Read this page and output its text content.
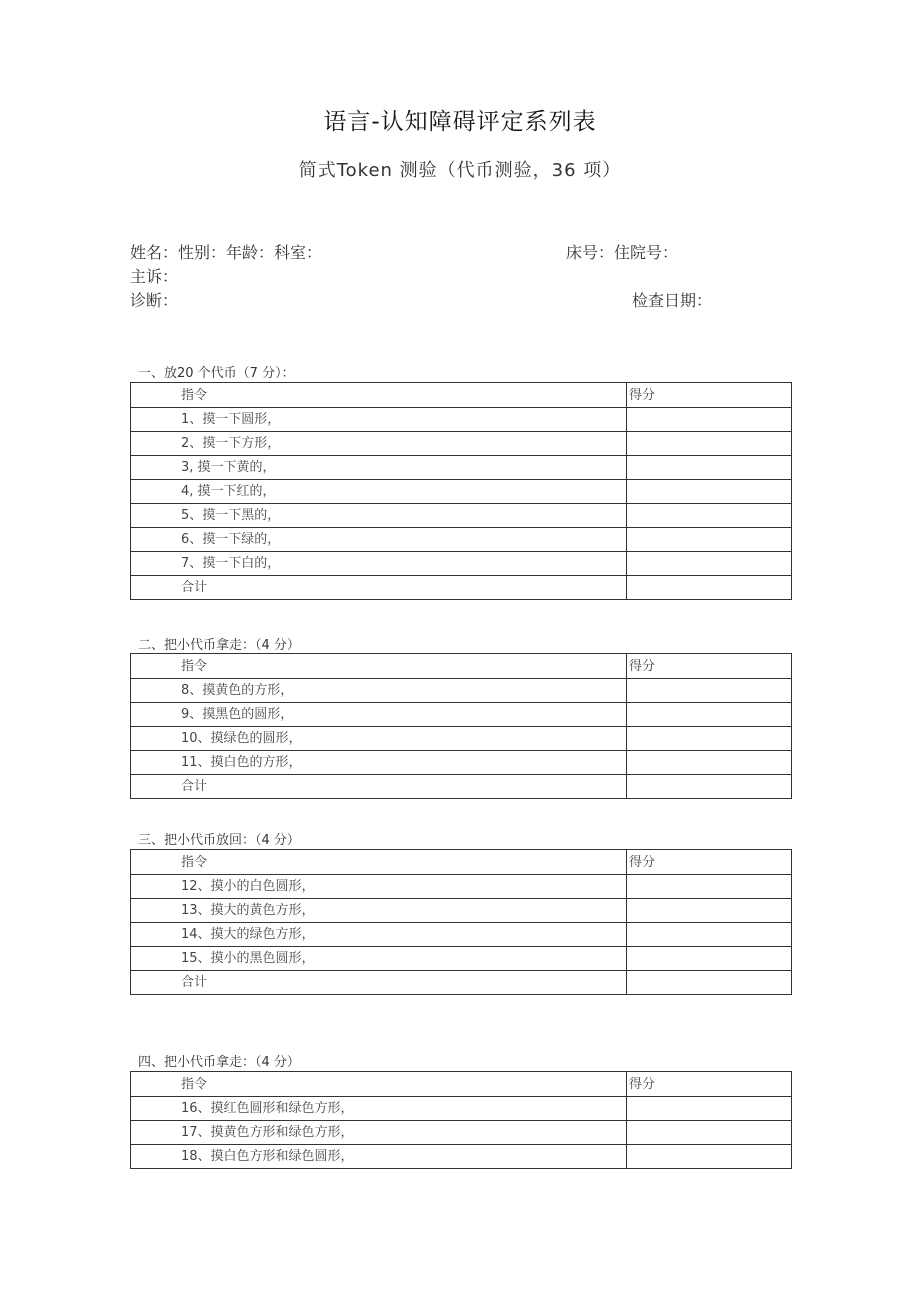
语言-认知障碍评定系列表
简式Token 测验（代币测验，36 项）
姓名：性别：年龄：科室：	床号：住院号：
主诉：
诊断：	检查日期：
一、放20 个代币（7 分）：
指令	得分
1、摸一下圆形，	
2、摸一下方形，	
3, 摸一下黄的，	
4, 摸一下红的，	
5、摸一下黑的，	
6、摸一下绿的，	
7、摸一下白的，	
合计	
二、把小代币拿走：（4 分）
指令	得分
8、摸黄色的方形，	
9、摸黑色的圆形，	
10、摸绿色的圆形，	
11、摸白色的方形，	
合计	
三、把小代币放回：（4 分）
指令	得分
12、摸小的白色圆形，	
13、摸大的黄色方形，	
14、摸大的绿色方形，	
15、摸小的黑色圆形，	
合计	
四、把小代币拿走：（4 分）
指令	得分
16、摸红色圆形和绿色方形，	
17、摸黄色方形和绿色方形，	
18、摸白色方形和绿色圆形，	
